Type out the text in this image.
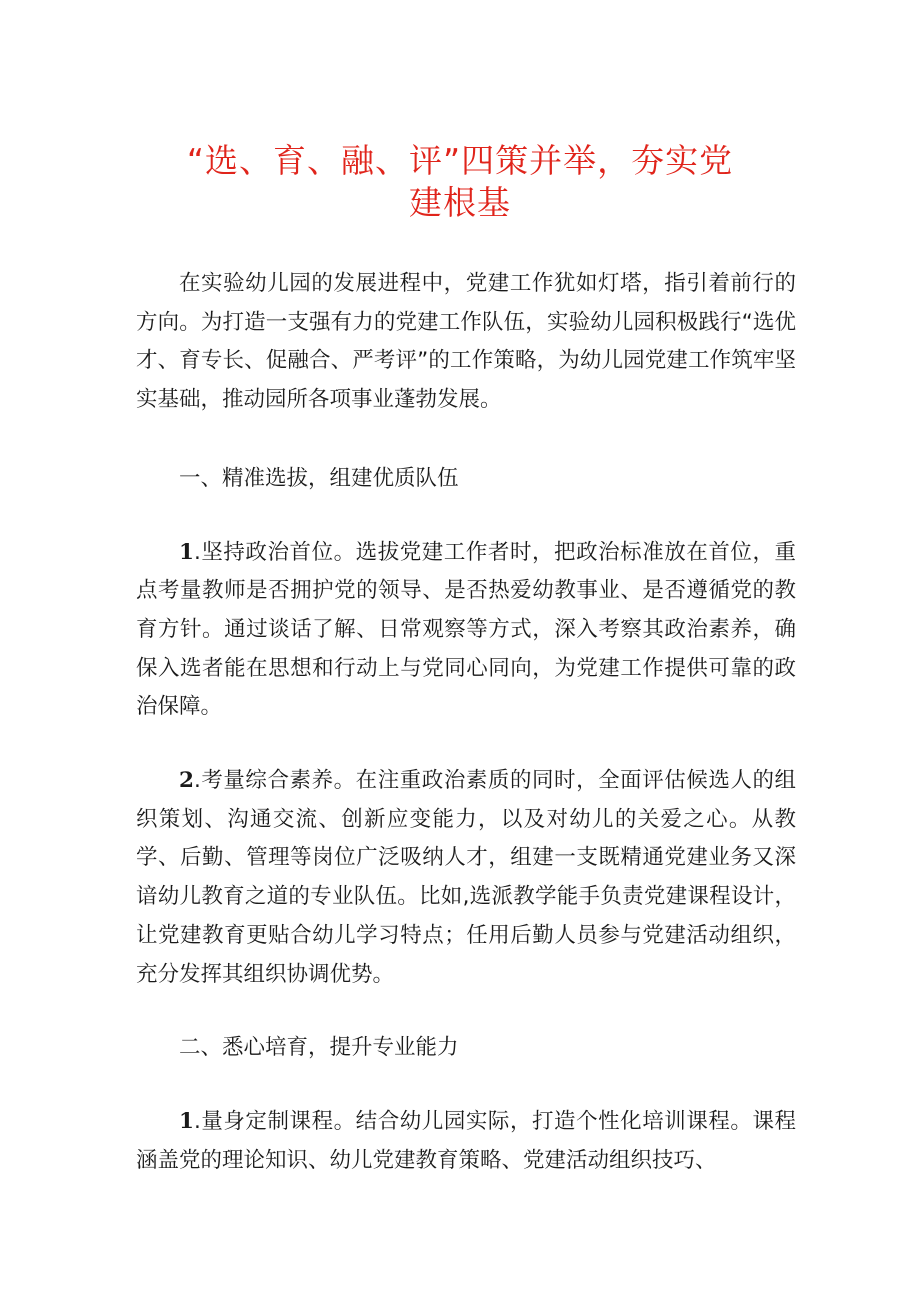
“选、育、融、评”四策并举，夯实党
建根基

在实验幼儿园的发展进程中，党建工作犹如灯塔，指引着前行的方向。为打造一支强有力的党建工作队伍，实验幼儿园积极践行“选优才、育专长、促融合、严考评”的工作策略，为幼儿园党建工作筑牢坚实基础，推动园所各项事业蓬勃发展。

一、精准选拔，组建优质队伍

1.坚持政治首位。选拔党建工作者时，把政治标准放在首位，重点考量教师是否拥护党的领导、是否热爱幼教事业、是否遵循党的教育方针。通过谈话了解、日常观察等方式，深入考察其政治素养，确保入选者能在思想和行动上与党同心同向，为党建工作提供可靠的政治保障。

2.考量综合素养。在注重政治素质的同时，全面评估候选人的组织策划、沟通交流、创新应变能力，以及对幼儿的关爱之心。从教学、后勤、管理等岗位广泛吸纳人才，组建一支既精通党建业务又深谙幼儿教育之道的专业队伍。比如,选派教学能手负责党建课程设计，让党建教育更贴合幼儿学习特点；任用后勤人员参与党建活动组织，充分发挥其组织协调优势。

二、悉心培育，提升专业能力

1.量身定制课程。结合幼儿园实际，打造个性化培训课程。课程涵盖党的理论知识、幼儿党建教育策略、党建活动组织技巧、
